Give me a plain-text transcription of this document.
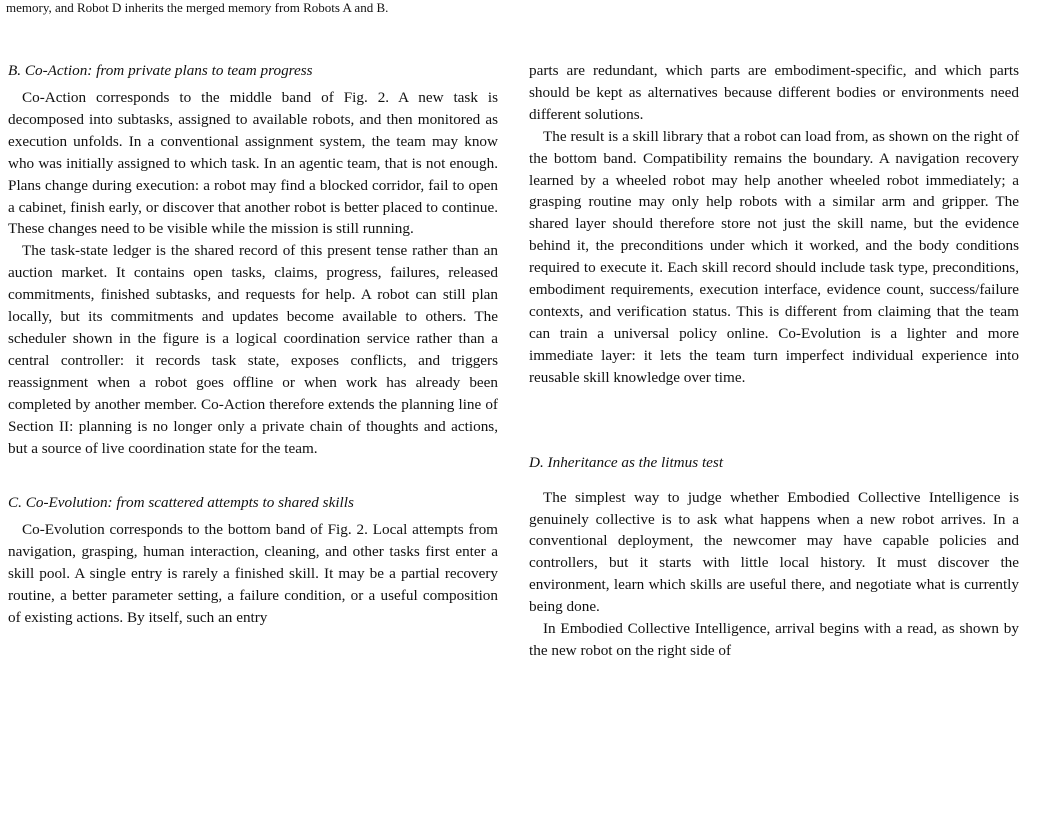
memory, and Robot D inherits the merged memory from Robots A and B.

B. Co-Action: from private plans to team progress

Co-Action corresponds to the middle band of Fig. 2. A new task is decomposed into subtasks, assigned to available robots, and then monitored as execution unfolds. In a conventional assignment system, the team may know who was initially assigned to which task. In an agentic team, that is not enough. Plans change during execution: a robot may find a blocked corridor, fail to open a cabinet, finish early, or discover that another robot is better placed to continue. These changes need to be visible while the mission is still running.

The task-state ledger is the shared record of this present tense rather than an auction market. It contains open tasks, claims, progress, failures, released commitments, finished subtasks, and requests for help. A robot can still plan locally, but its commitments and updates become available to others. The scheduler shown in the figure is a logical coordination service rather than a central controller: it records task state, exposes conflicts, and triggers reassignment when a robot goes offline or when work has already been completed by another member. Co-Action therefore extends the planning line of Section II: planning is no longer only a private chain of thoughts and actions, but a source of live coordination state for the team.

C. Co-Evolution: from scattered attempts to shared skills

Co-Evolution corresponds to the bottom band of Fig. 2. Local attempts from navigation, grasping, human interaction, cleaning, and other tasks first enter a skill pool. A single entry is rarely a finished skill. It may be a partial recovery routine, a better parameter setting, a failure condition, or a useful composition of existing actions. By itself, such an entry

parts are redundant, which parts are embodiment-specific, and which parts should be kept as alternatives because different bodies or environments need different solutions.

The result is a skill library that a robot can load from, as shown on the right of the bottom band. Compatibility remains the boundary. A navigation recovery learned by a wheeled robot may help another wheeled robot immediately; a grasping routine may only help robots with a similar arm and gripper. The shared layer should therefore store not just the skill name, but the evidence behind it, the preconditions under which it worked, and the body conditions required to execute it. Each skill record should include task type, preconditions, embodiment requirements, execution interface, evidence count, success/failure contexts, and verification status. This is different from claiming that the team can train a universal policy online. Co-Evolution is a lighter and more immediate layer: it lets the team turn imperfect individual experience into reusable skill knowledge over time.

D. Inheritance as the litmus test

The simplest way to judge whether Embodied Collective Intelligence is genuinely collective is to ask what happens when a new robot arrives. In a conventional deployment, the newcomer may have capable policies and controllers, but it starts with little local history. It must discover the environment, learn which skills are useful there, and negotiate what is currently being done.

In Embodied Collective Intelligence, arrival begins with a read, as shown by the new robot on the right side of
